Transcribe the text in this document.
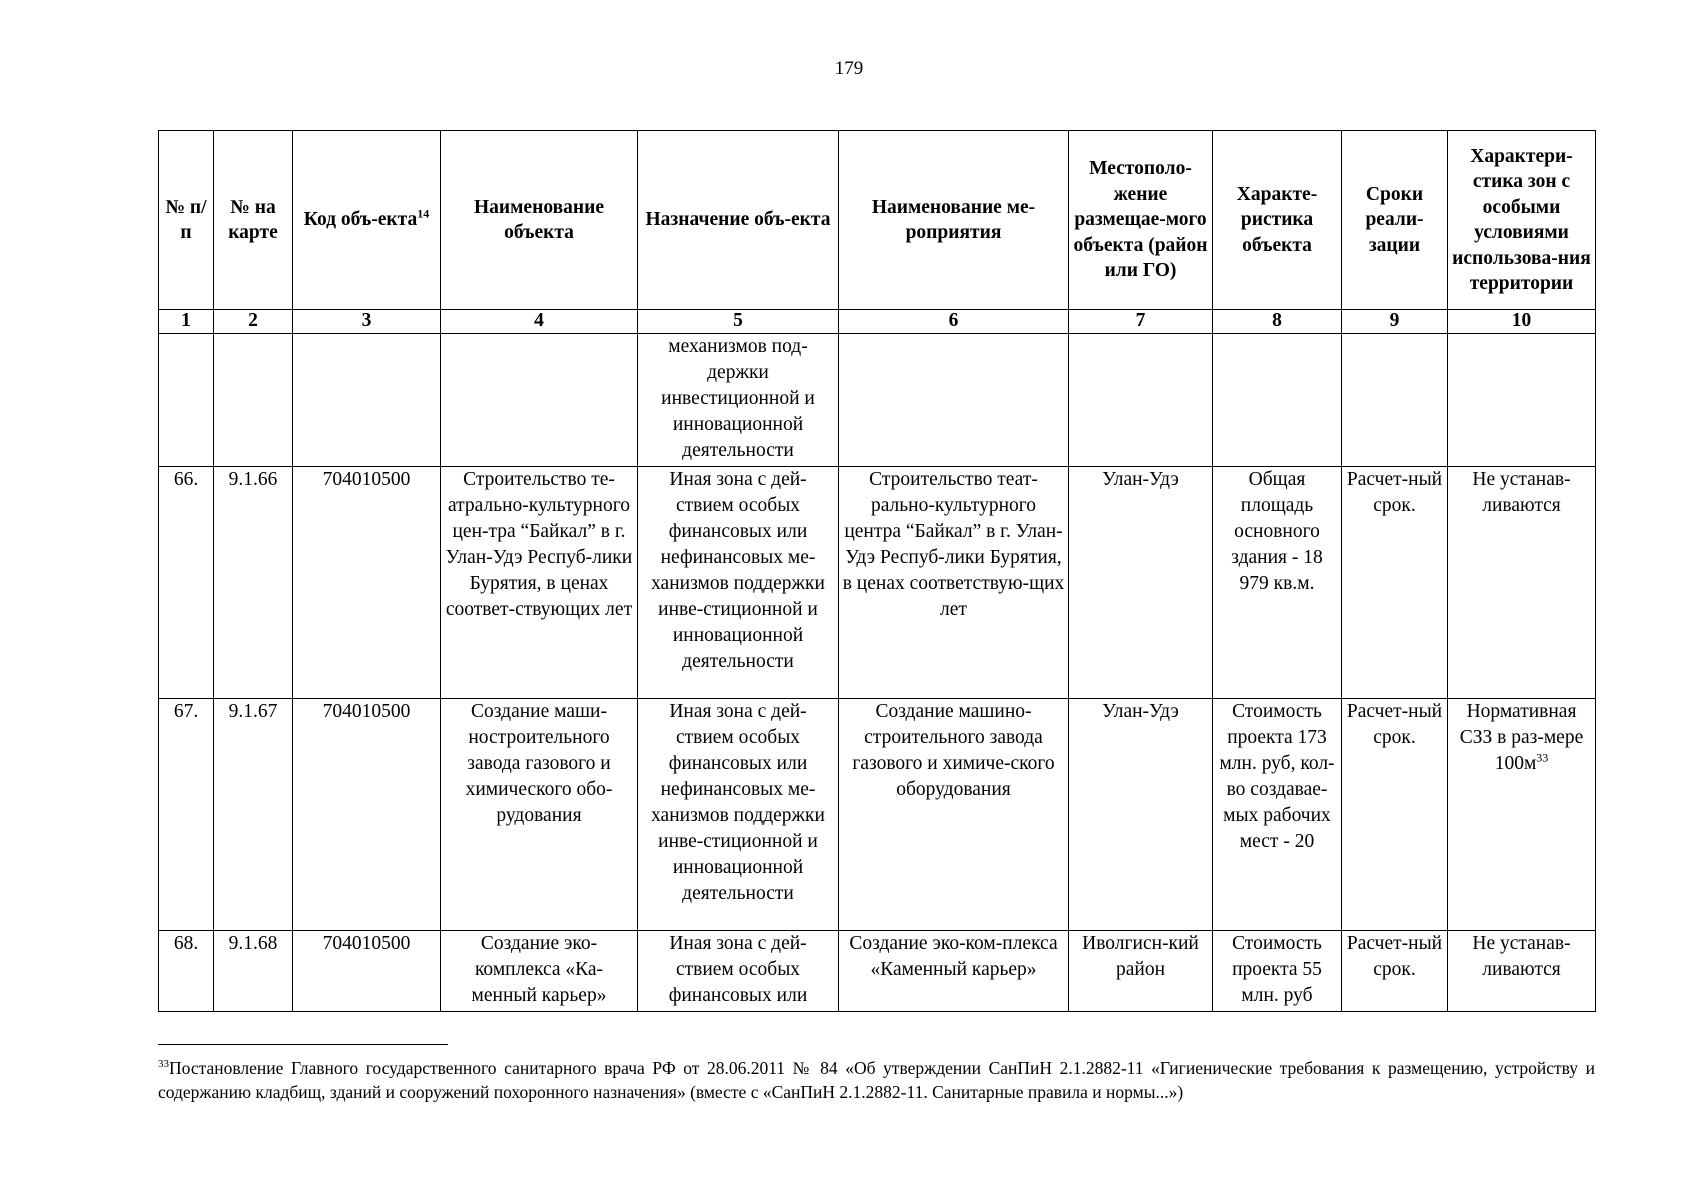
179
№ п/п	№ на карте	Код объ-екта$^{14}$	Наименование объекта	Назначение объ-екта	Наименование ме-роприятия	Местополо-жение размещае-мого объекта (район или ГО)	Характе-ристика объекта	Сроки реали-зации	Характери-стика зон с особыми условиями использова-ния территории
1	2	3	4	5	6	7	8	9	10
				механизмов под-держки инвестиционной и инновационной деятельности					
66.	9.1.66	704010500	Строительство те-атрально-культурного цен-тра “Байкал” в г. Улан-Удэ Респуб-лики Бурятия, в ценах соответ-ствующих лет	Иная зона с дей-ствием особых финансовых или нефинансовых ме-ханизмов поддержки инве-стиционной и инновационной деятельности	Строительство теат-рально-культурного центра “Байкал” в г. Улан-Удэ Респуб-лики Бурятия, в ценах соответствую-щих лет	Улан-Удэ	Общая площадь основного здания - 18 979 кв.м.	Расчет-ный срок.	Не устанав-ливаются
67.	9.1.67	704010500	Создание маши-ностроительного завода газового и химического обо-рудования	Иная зона с дей-ствием особых финансовых или нефинансовых ме-ханизмов поддержки инве-стиционной и инновационной деятельности	Создание машино-строительного завода газового и химиче-ского оборудования	Улан-Удэ	Стоимость проекта 173 млн. руб, кол-во создавае-мых рабочих мест - 20	Расчет-ный срок.	Нормативная СЗЗ в раз-мере $100м^{33}$
68.	9.1.68	704010500	Создание эко-комплекса «Ка-менный карьер»	Иная зона с дей-ствием особых финансовых или	Создание эко-ком-плекса «Каменный карьер»	Иволгисн-кий район	Стоимость проекта 55 млн. руб	Расчет-ный срок.	Не устанав-ливаются
$^{33}$Постановление Главного государственного санитарного врача РФ от 28.06.2011 № 84 «Об утверждении СанПиН 2.1.2882-11 «Гигиенические требования к размещению, устройству и содержанию кладбищ, зданий и сооружений похоронного назначения» (вместе с «СанПиН 2.1.2882-11. Санитарные правила и нормы...»)
